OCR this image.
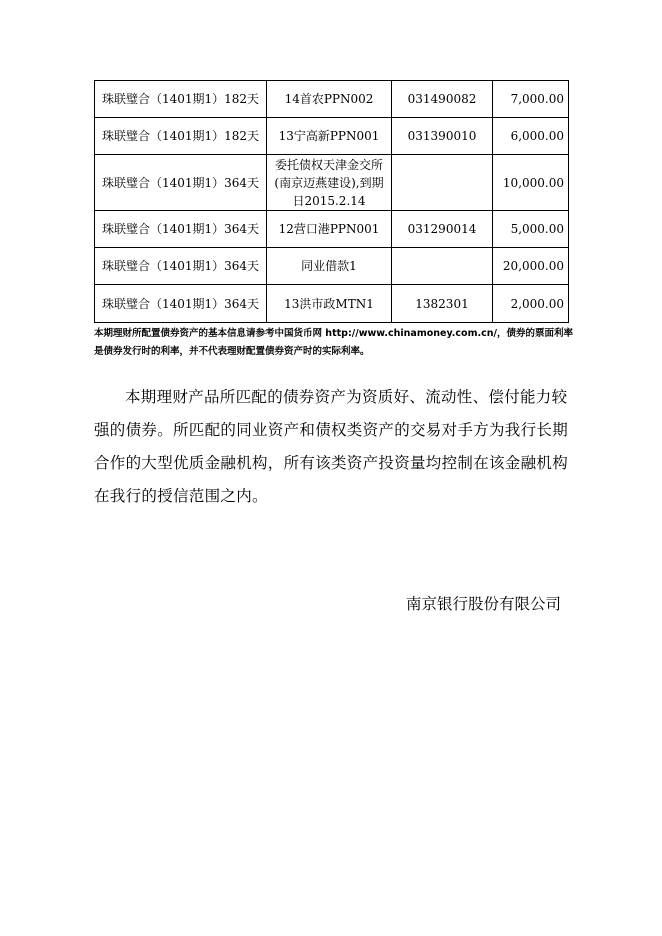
珠联璧合（1401期1）182天	14首农PPN002	031490082	7,000.00
珠联璧合（1401期1）182天	13宁高新PPN001	031390010	6,000.00
珠联璧合（1401期1）364天	委托债权天津金交所(南京迈燕建设),到期日2015.2.14		10,000.00
珠联璧合（1401期1）364天	12营口港PPN001	031290014	5,000.00
珠联璧合（1401期1）364天	同业借款1		20,000.00
珠联璧合（1401期1）364天	13洪市政MTN1	1382301	2,000.00
本期理财所配置债券资产的基本信息请参考中国货币网 http://www.chinamoney.com.cn/，债券的票面利率是债券发行时的利率，并不代表理财配置债券资产时的实际利率。
本期理财产品所匹配的债券资产为资质好、流动性、偿付能力较强的债券。所匹配的同业资产和债权类资产的交易对手方为我行长期合作的大型优质金融机构，所有该类资产投资量均控制在该金融机构在我行的授信范围之内。
南京银行股份有限公司
